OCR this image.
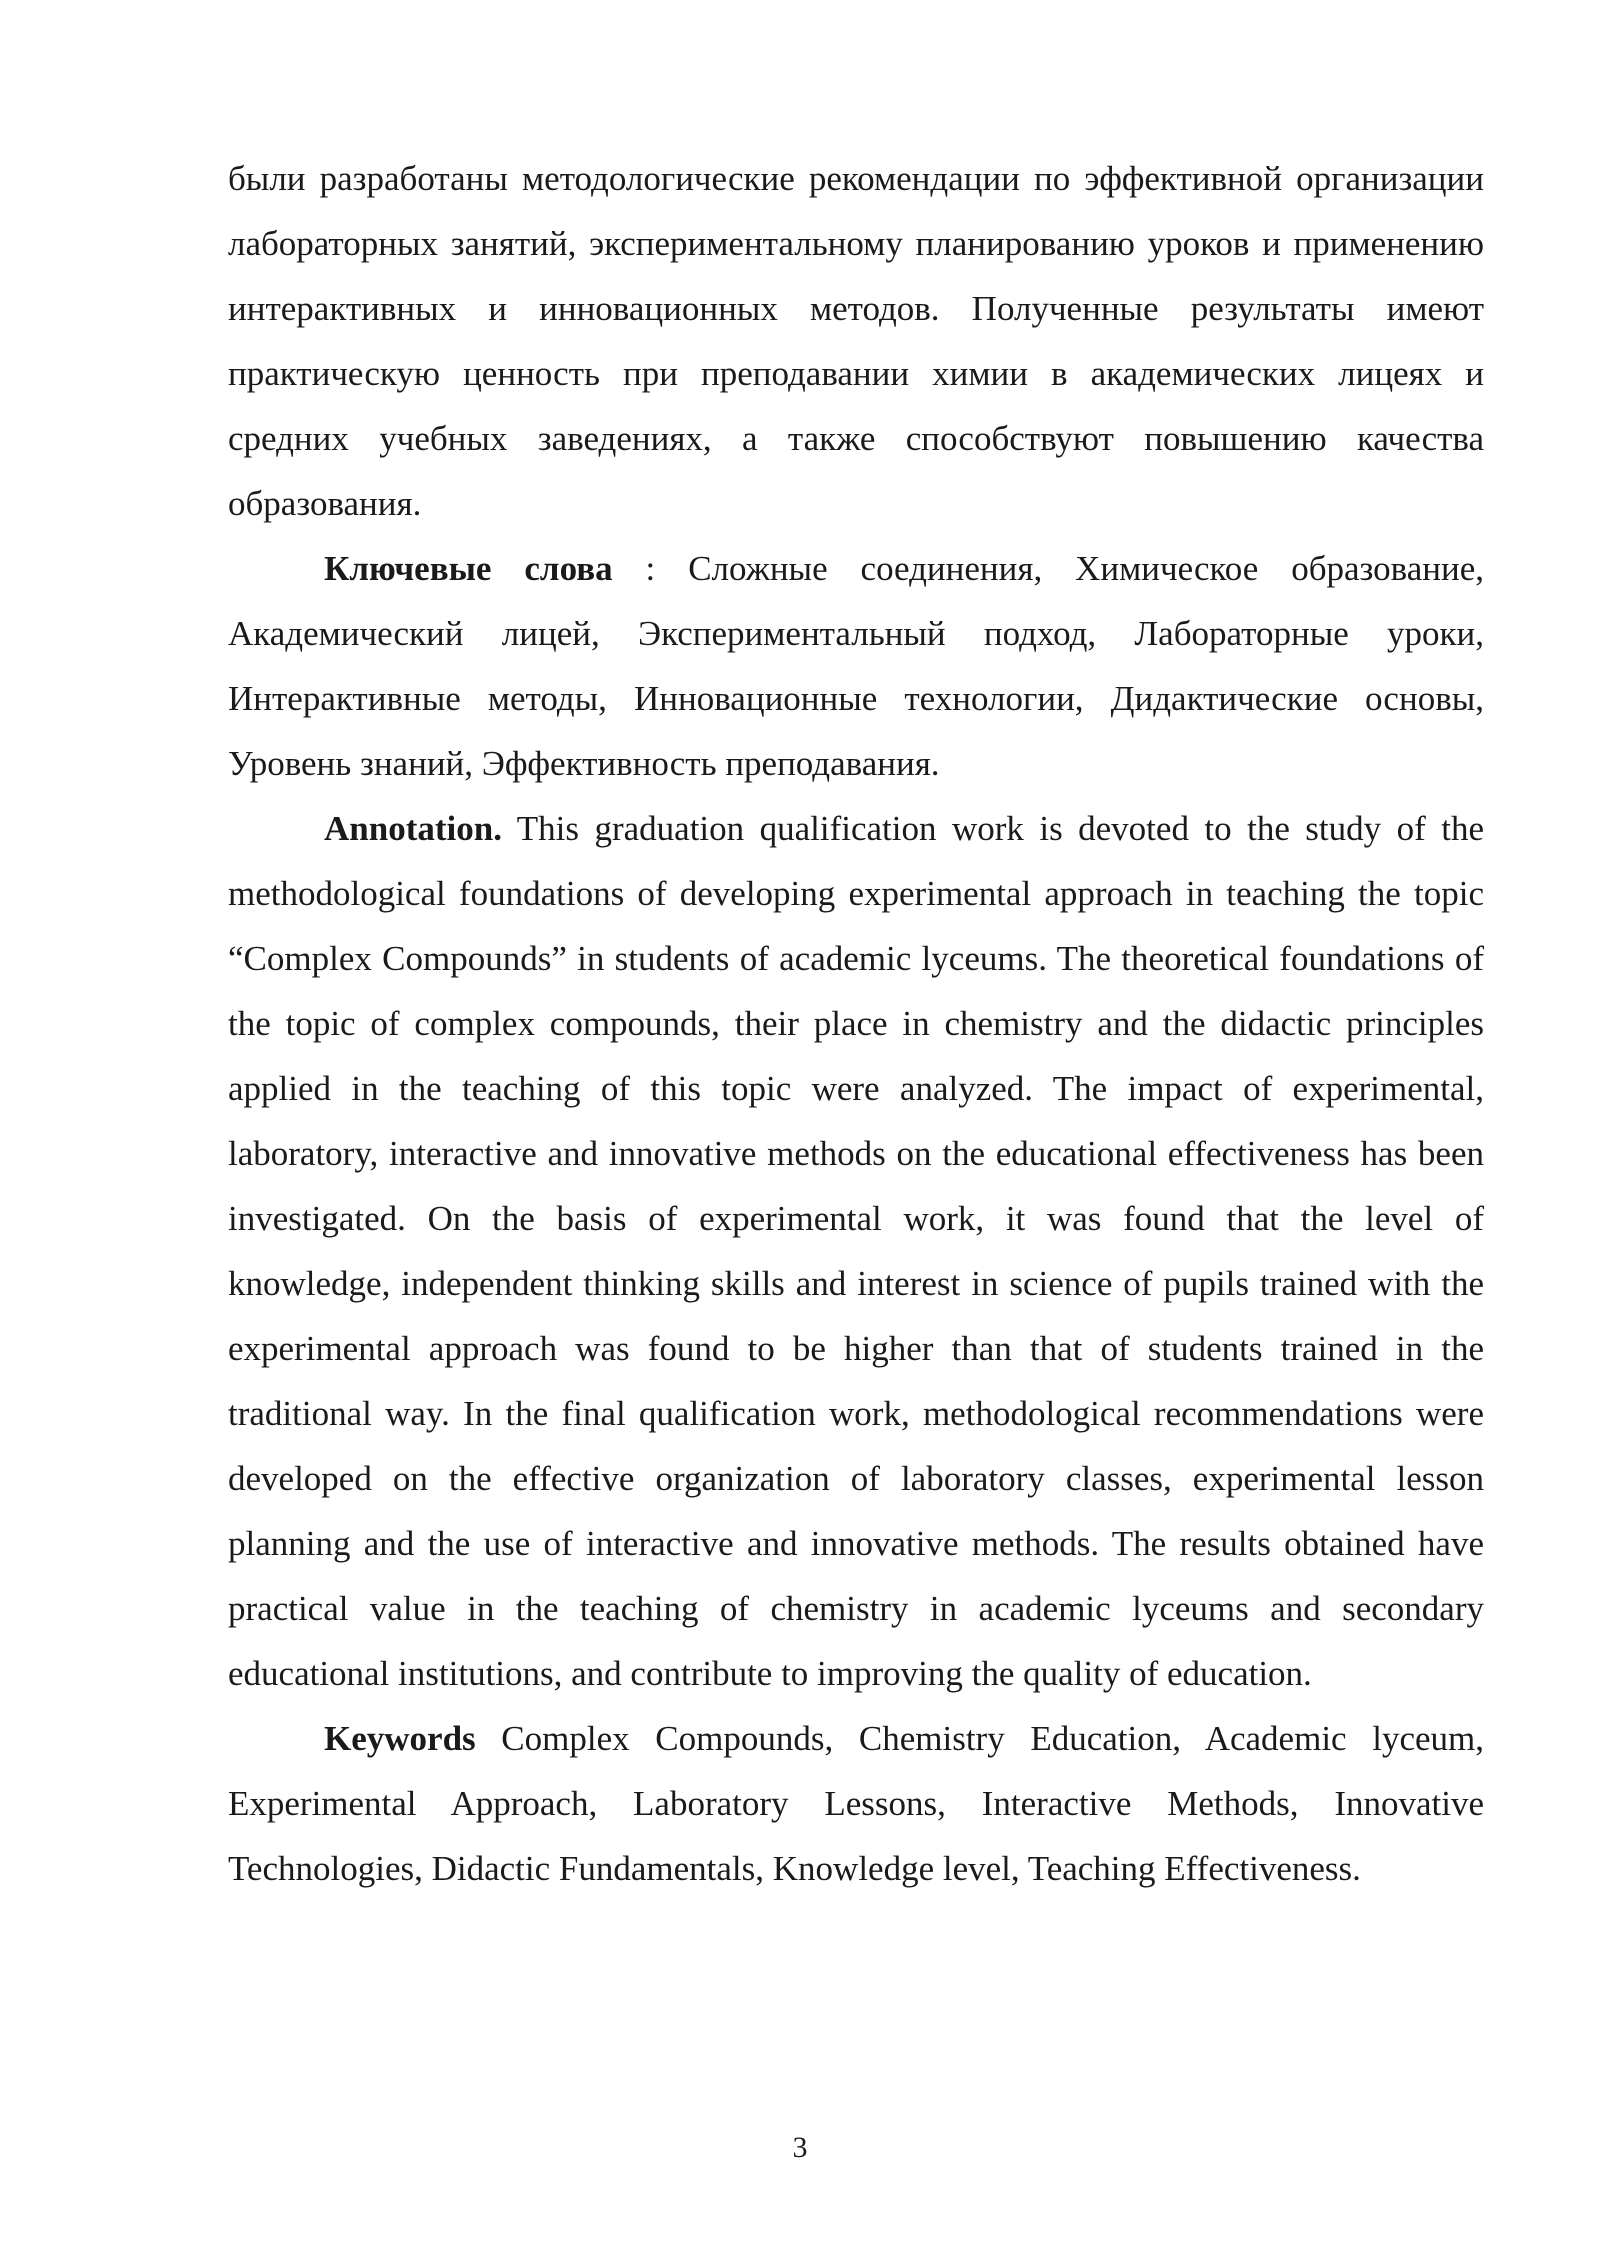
были разработаны методологические рекомендации по эффективной организации лабораторных занятий, экспериментальному планированию уроков и применению интерактивных и инновационных методов. Полученные результаты имеют практическую ценность при преподавании химии в академических лицеях и средних учебных заведениях, а также способствуют повышению качества образования.

Ключевые слова : Сложные соединения, Химическое образование, Академический лицей, Экспериментальный подход, Лабораторные уроки, Интерактивные методы, Инновационные технологии, Дидактические основы, Уровень знаний, Эффективность преподавания.

Annotation. This graduation qualification work is devoted to the study of the methodological foundations of developing experimental approach in teaching the topic “Complex Compounds” in students of academic lyceums. The theoretical foundations of the topic of complex compounds, their place in chemistry and the didactic principles applied in the teaching of this topic were analyzed. The impact of experimental, laboratory, interactive and innovative methods on the educational effectiveness has been investigated. On the basis of experimental work, it was found that the level of knowledge, independent thinking skills and interest in science of pupils trained with the experimental approach was found to be higher than that of students trained in the traditional way. In the final qualification work, methodological recommendations were developed on the effective organization of laboratory classes, experimental lesson planning and the use of interactive and innovative methods. The results obtained have practical value in the teaching of chemistry in academic lyceums and secondary educational institutions, and contribute to improving the quality of education.

Keywords Complex Compounds, Chemistry Education, Academic lyceum, Experimental Approach, Laboratory Lessons, Interactive Methods, Innovative Technologies, Didactic Fundamentals, Knowledge level, Teaching Effectiveness.

3
